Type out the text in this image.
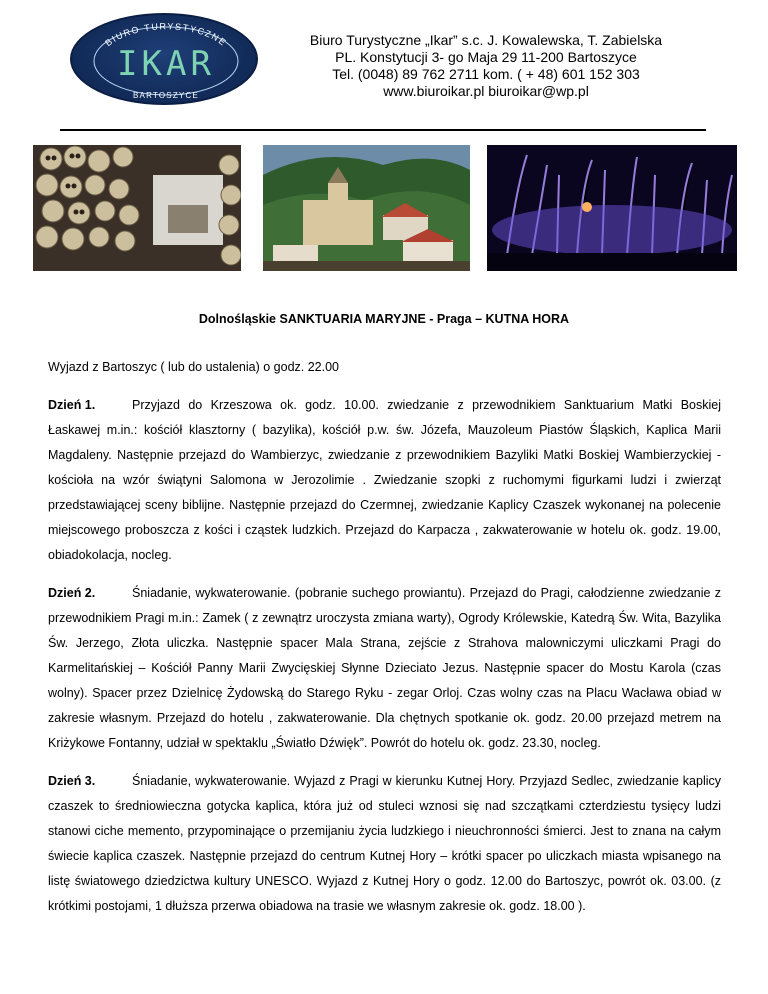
BIURO TURYSTYCZNE
IKAR
BARTOSZYCE
Biuro Turystyczne „Ikar” s.c. J. Kowalewska, T. Zabielska
PL. Konstytucji 3- go Maja 29 11-200 Bartoszyce
Tel. (0048) 89 762 2711 kom. ( + 48) 601 152 303
www.biuroikar.pl biuroikar@wp.pl
Dolnośląskie SANKTUARIA MARYJNE - Praga – KUTNA HORA

Wyjazd z Bartoszyc ( lub do ustalenia) o godz. 22.00

Dzień 1.	Przyjazd do Krzeszowa ok. godz. 10.00. zwiedzanie z przewodnikiem Sanktuarium Matki Boskiej Łaskawej m.in.: kościół klasztorny ( bazylika), kościół p.w. św. Józefa, Mauzoleum Piastów Śląskich, Kaplica Marii Magdaleny. Następnie przejazd do Wambierzyc, zwiedzanie z przewodnikiem Bazyliki Matki Boskiej Wambierzyckiej - kościoła na wzór świątyni Salomona w Jerozolimie . Zwiedzanie szopki z ruchomymi figurkami ludzi i zwierząt przedstawiającej sceny biblijne. Następnie przejazd do Czermnej, zwiedzanie Kaplicy Czaszek wykonanej na polecenie miejscowego proboszcza z kości i cząstek ludzkich. Przejazd do Karpacza , zakwaterowanie w hotelu ok. godz. 19.00, obiadokolacja, nocleg.

Dzień 2.	Śniadanie, wykwaterowanie. (pobranie suchego prowiantu). Przejazd do Pragi, całodzienne zwiedzanie z przewodnikiem Pragi m.in.: Zamek ( z zewnątrz uroczysta zmiana warty), Ogrody Królewskie, Katedrą Św. Wita, Bazylika Św. Jerzego, Złota uliczka. Następnie spacer Mala Strana, zejście z Strahova malowniczymi uliczkami Pragi do Karmelitańskiej – Kościół Panny Marii Zwycięskiej Słynne Dzieciato Jezus. Następnie spacer do Mostu Karola (czas wolny). Spacer przez Dzielnicę Żydowską do Starego Ryku - zegar Orloj. Czas wolny czas na Placu Wacława obiad w zakresie własnym. Przejazd do hotelu , zakwaterowanie. Dla chętnych spotkanie ok. godz. 20.00 przejazd metrem na Kriżykowe Fontanny, udział w spektaklu „Światło Dźwięk”. Powrót do hotelu ok. godz. 23.30, nocleg.

Dzień 3.	Śniadanie, wykwaterowanie. Wyjazd z Pragi w kierunku Kutnej Hory. Przyjazd Sedlec, zwiedzanie kaplicy czaszek to średniowieczna gotycka kaplica, która już od stuleci wznosi się nad szczątkami czterdziestu tysięcy ludzi stanowi ciche memento, przypominające o przemijaniu życia ludzkiego i nieuchronności śmierci. Jest to znana na całym świecie kaplica czaszek. Następnie przejazd do centrum Kutnej Hory – krótki spacer po uliczkach miasta wpisanego na listę światowego dziedzictwa kultury UNESCO. Wyjazd z Kutnej Hory o godz. 12.00 do Bartoszyc, powrót ok. 03.00. (z krótkimi postojami, 1 dłuższa przerwa obiadowa na trasie we własnym zakresie ok. godz. 18.00 ).
